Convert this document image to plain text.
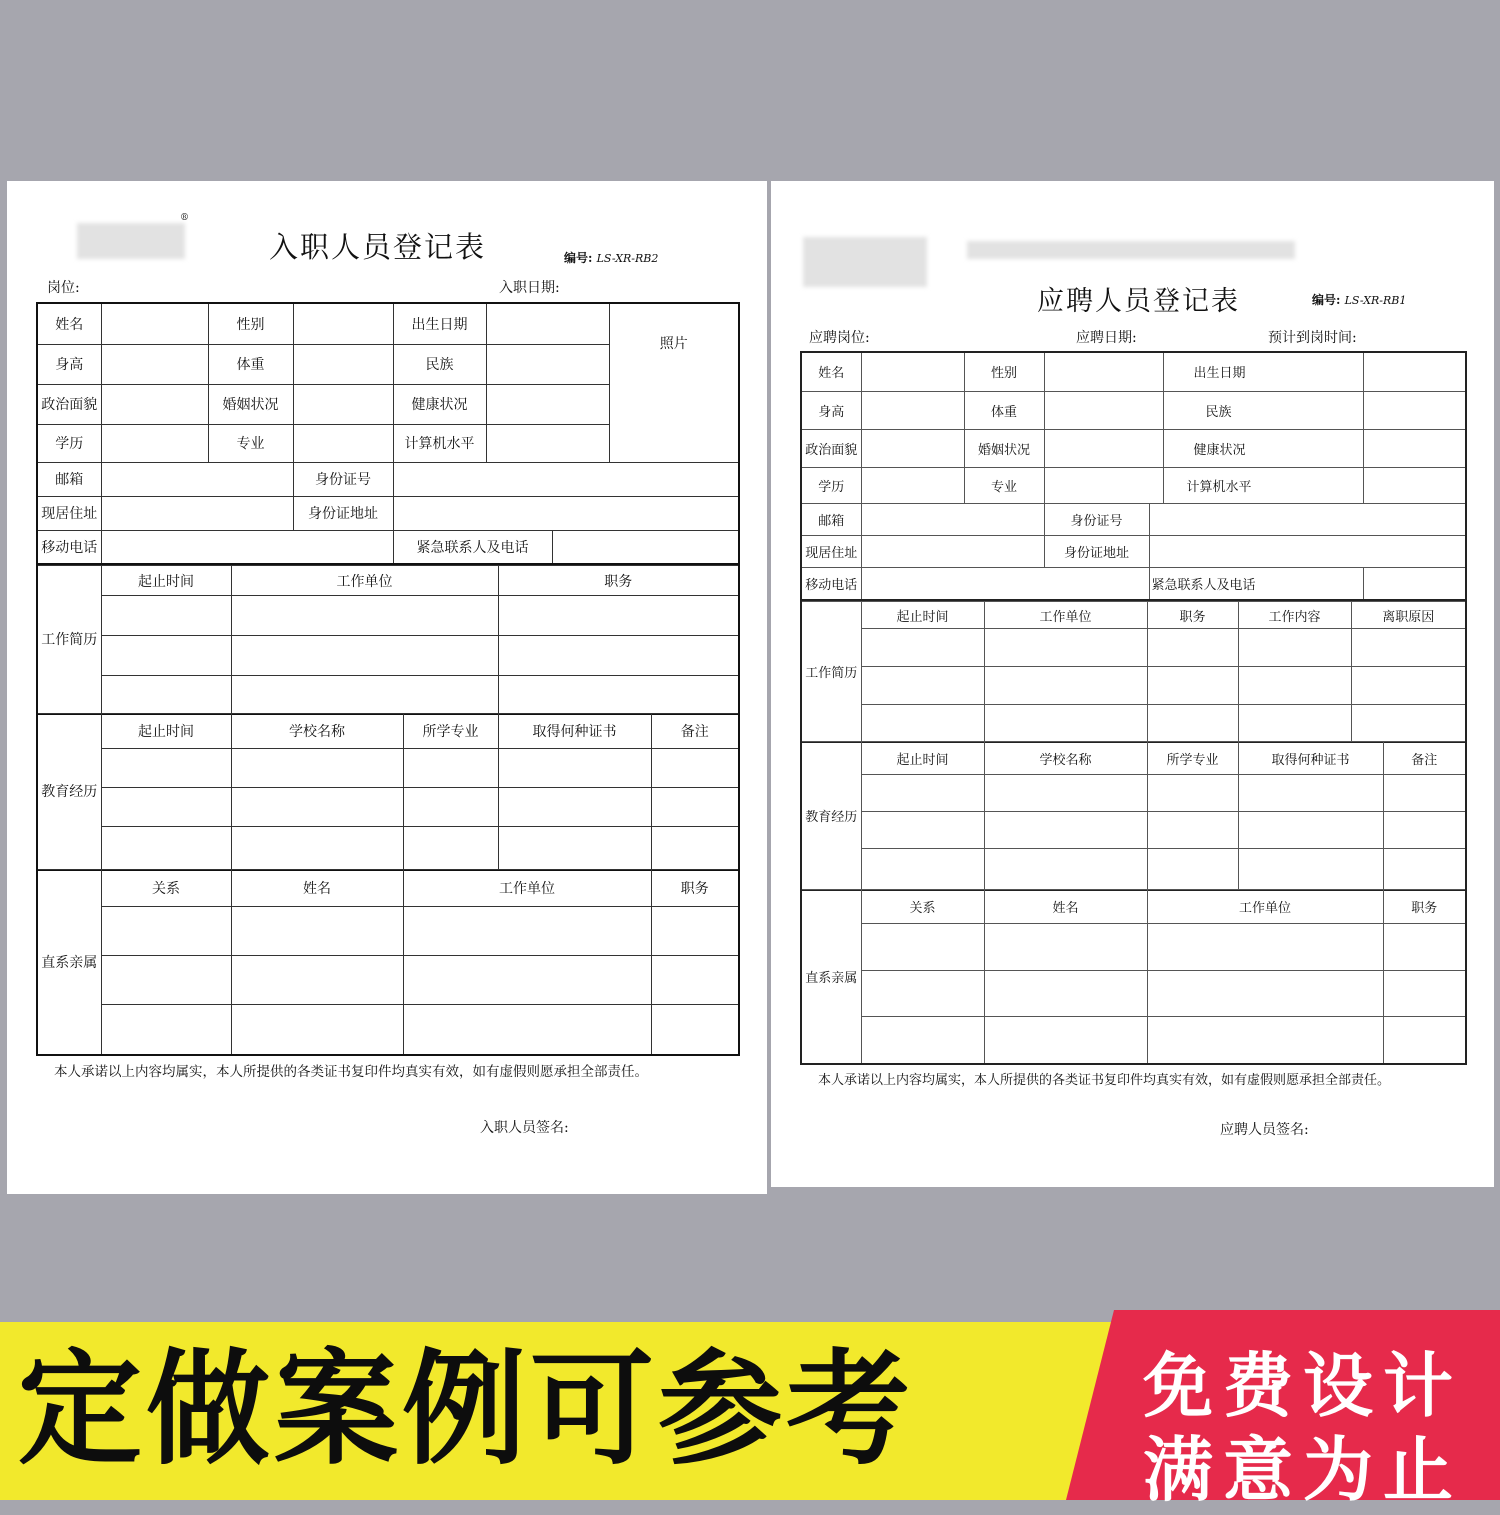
®
入职人员登记表	编号: LS-XR-RB2
岗位:	入职日期:
姓名		性别		出生日期			照片
身高		体重		民族			
政治面貌		婚姻状况		健康状况			
学历		专业		计算机水平			
邮箱			身份证号				
现居住址			身份证地址				
移动电话				紧急联系人及电话			
工作简历	起止时间	工作单位	职务

教育经历	起止时间	学校名称	所学专业	取得何种证书	备注

直系亲属	关系	姓名	工作单位	职务

本人承诺以上内容均属实，本人所提供的各类证书复印件均真实有效，如有虚假则愿承担全部责任。
入职人员签名:
应聘人员登记表	编号: LS-XR-RB1
应聘岗位:	应聘日期:	预计到岗时间:
姓名		性别			出生日期	
身高		体重			民族	
政治面貌		婚姻状况			健康状况	
学历		专业			计算机水平	
邮箱			身份证号			
现居住址			身份证地址			
移动电话				紧急联系人及电话		
工作简历	起止时间	工作单位	职务	工作内容	离职原因

教育经历	起止时间	学校名称	所学专业	取得何种证书	备注

直系亲属	关系	姓名	工作单位	职务

本人承诺以上内容均属实，本人所提供的各类证书复印件均真实有效，如有虚假则愿承担全部责任。
应聘人员签名:
定做案例可参考	免费设计
满意为止
